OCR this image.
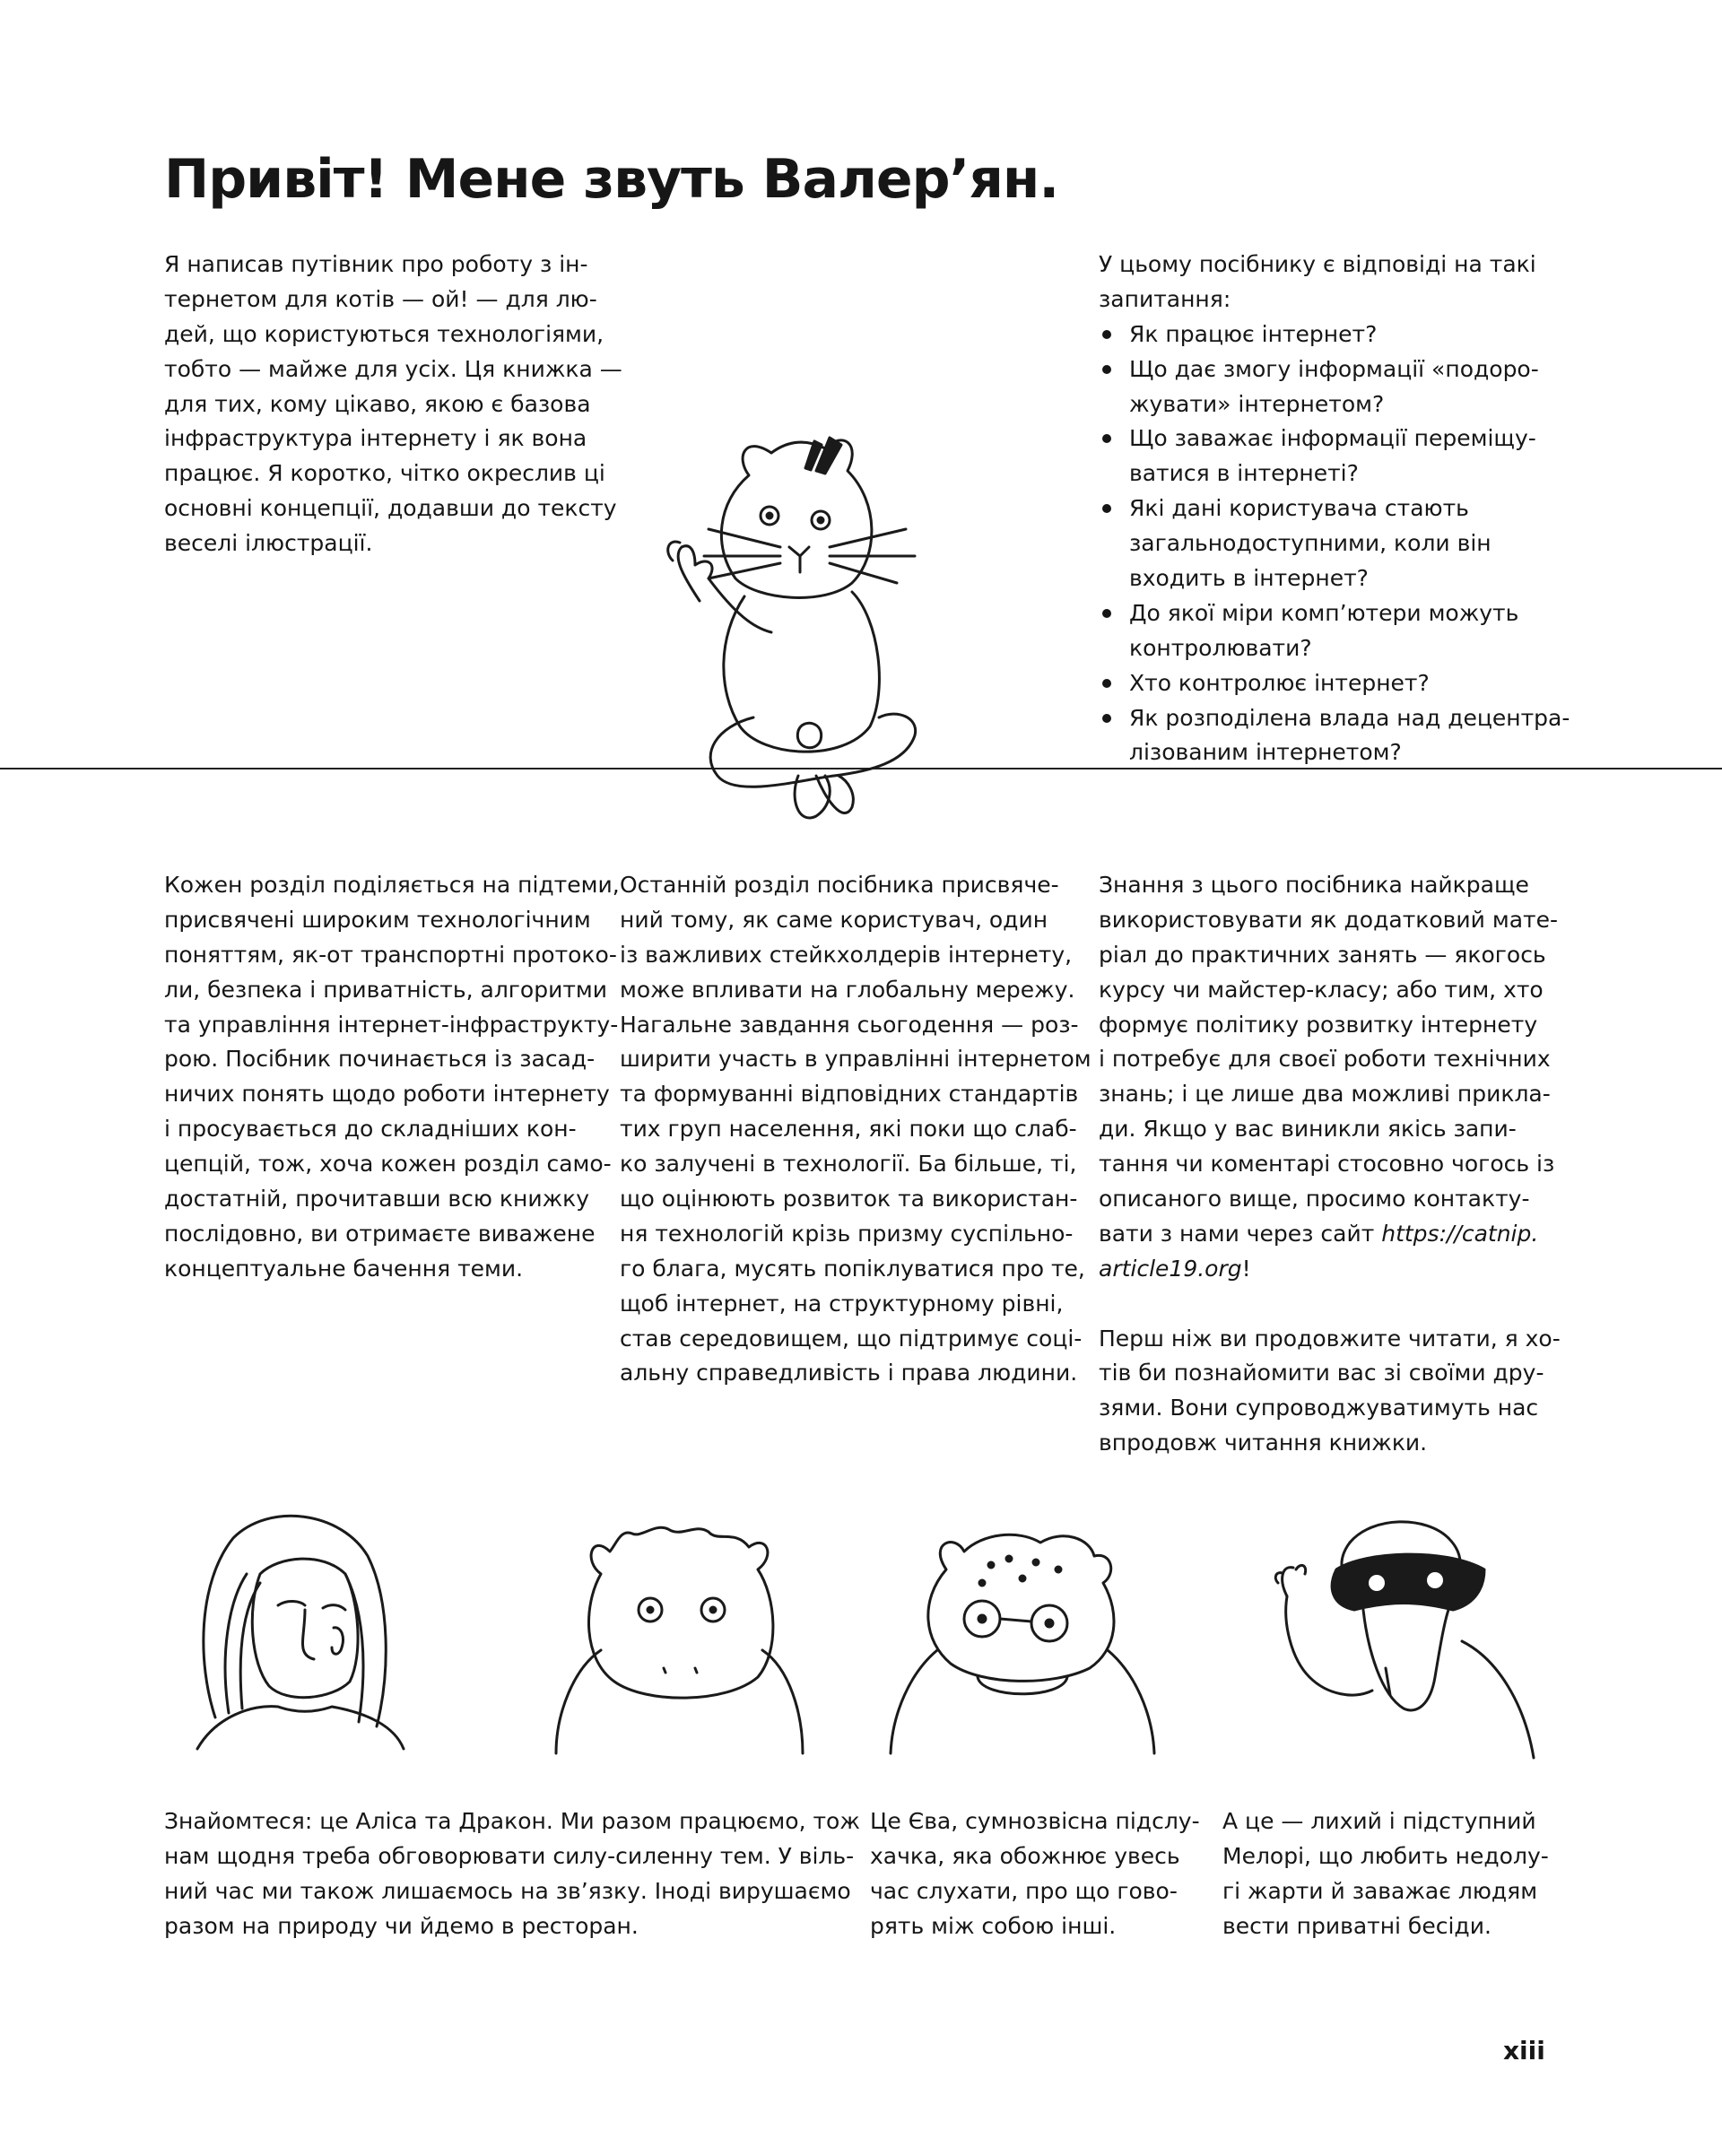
Привіт! Мене звуть Валер’ян.
Я написав путівник про роботу з ін-
тернетом для котів — ой! — для лю-
дей, що користуються технологіями,
тобто — майже для усіх. Ця книжка —
для тих, кому цікаво, якою є базова
інфраструктура інтернету і як вона
працює. Я коротко, чітко окреслив ці
основні концепції, додавши до тексту
веселі ілюстрації.
У цьому посібнику є відповіді на такі
запитання:
Як працює інтернет?
Що дає змогу інформації «подоро-
жувати» інтернетом?
Що заважає інформації переміщу-
ватися в інтернеті?
Які дані користувача стають
загальнодоступними, коли він
входить в інтернет?
До якої міри комп’ютери можуть
контролювати?
Хто контролює інтернет?
Як розподілена влада над децентра-
лізованим інтернетом?
Кожен розділ поділяється на підтеми,
присвячені широким технологічним
поняттям, як-от транспортні протоко-
ли, безпека і приватність, алгоритми
та управління інтернет-інфраструкту-
рою. Посібник починається із засад-
ничих понять щодо роботи інтернету
і просувається до складніших кон-
цепцій, тож, хоча кожен розділ само-
достатній, прочитавши всю книжку
послідовно, ви отримаєте виважене
концептуальне бачення теми.
Останній розділ посібника присвяче-
ний тому, як саме користувач, один
із важливих стейкхолдерів інтернету,
може впливати на глобальну мережу.
Нагальне завдання сьогодення — роз-
ширити участь в управлінні інтернетом
та формуванні відповідних стандартів
тих груп населення, які поки що слаб-
ко залучені в технології. Ба більше, ті,
що оцінюють розвиток та використан-
ня технологій крізь призму суспільно-
го блага, мусять попіклуватися про те,
щоб інтернет, на структурному рівні,
став середовищем, що підтримує соці-
альну справедливість і права людини.
Знання з цього посібника найкраще
використовувати як додатковий мате-
ріал до практичних занять — якогось
курсу чи майстер-класу; або тим, хто
формує політику розвитку інтернету
і потребує для своєї роботи технічних
знань; і це лише два можливі прикла-
ди. Якщо у вас виникли якісь запи-
тання чи коментарі стосовно чогось із
описаного вище, просимо контакту-
вати з нами через сайт https://catnip.
article19.org!
Перш ніж ви продовжите читати, я хо-
тів би познайомити вас зі своїми дру-
зями. Вони супроводжуватимуть нас
впродовж читання книжки.
Знайомтеся: це Аліса та Дракон. Ми разом працюємо, тож
нам щодня треба обговорювати силу-силенну тем. У віль-
ний час ми також лишаємось на зв’язку. Іноді вирушаємо
разом на природу чи йдемо в ресторан.
Це Єва, сумнозвісна підслу-
хачка, яка обожнює увесь
час слухати, про що гово-
рять між собою інші.
А це — лихий і підступний
Мелорі, що любить недолу-
гі жарти й заважає людям
вести приватні бесіди.
xiii
